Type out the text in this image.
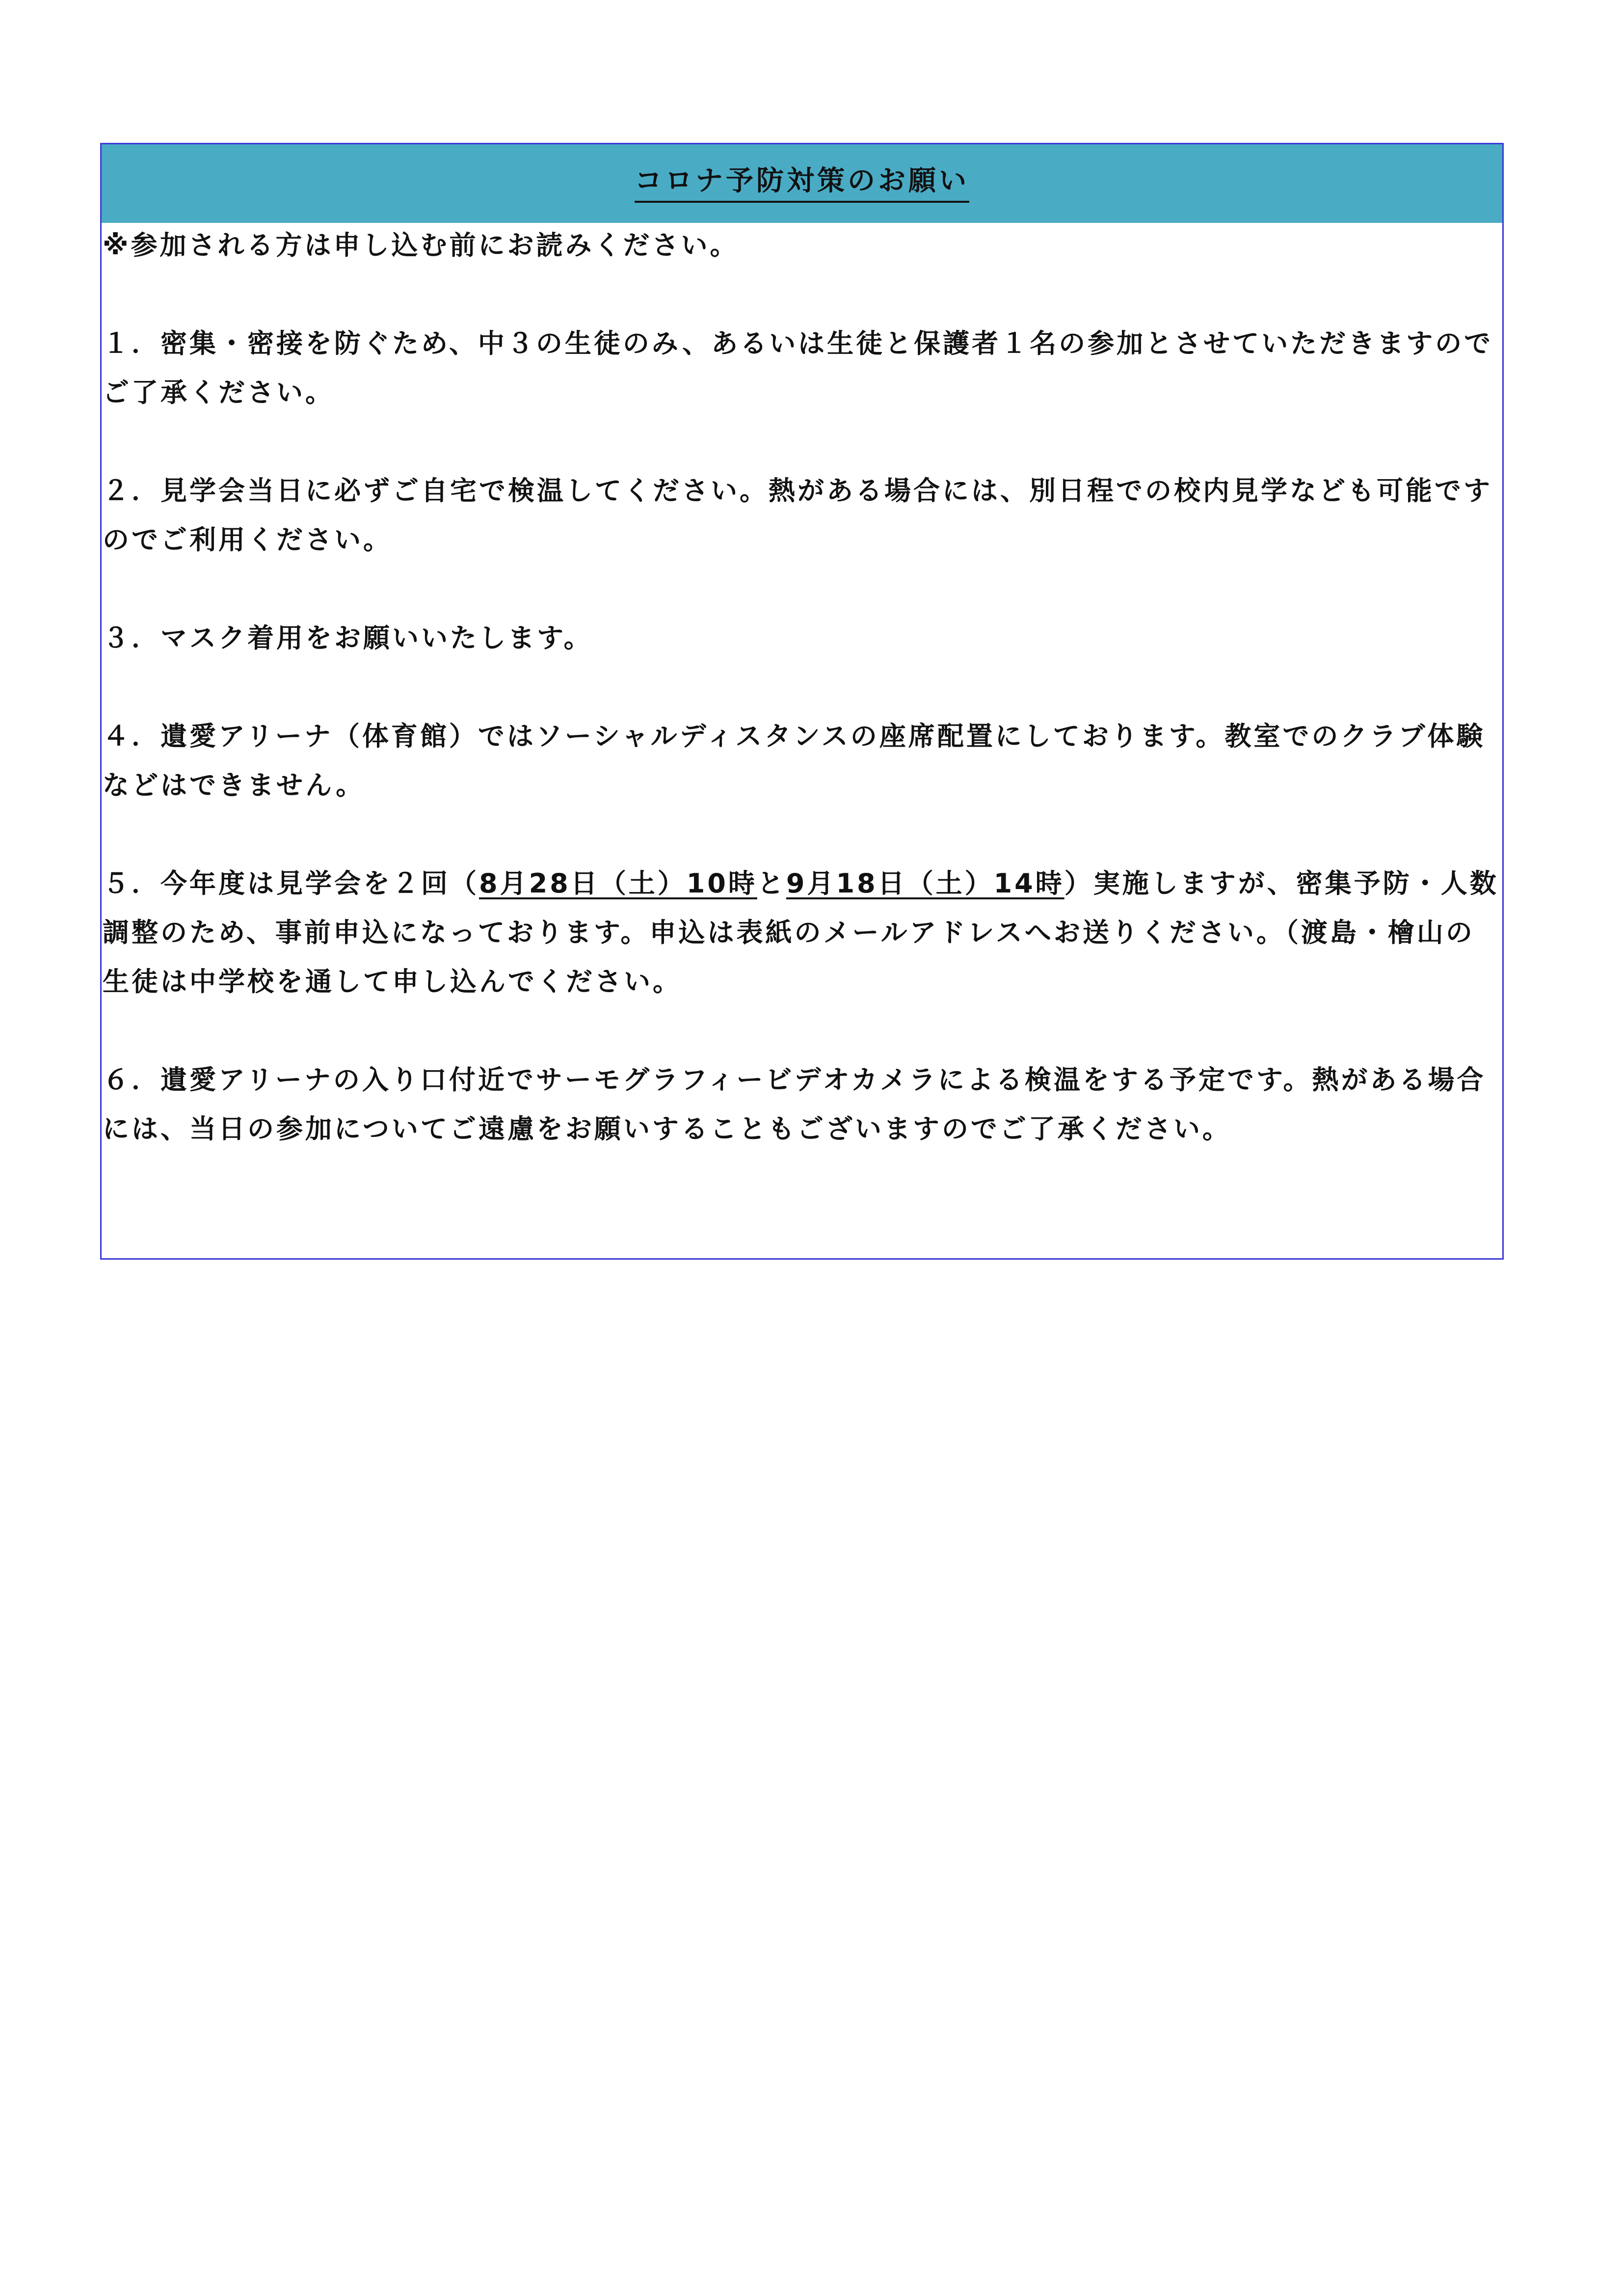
コロナ予防対策のお願い

※参加される方は申し込む前にお読みください。

１．密集・密接を防ぐため、中３の生徒のみ、あるいは生徒と保護者１名の参加とさせていただきますのでご了承ください。

２．見学会当日に必ずご自宅で検温してください。熱がある場合には、別日程での校内見学なども可能ですのでご利用ください。

３．マスク着用をお願いいたします。

４．遺愛アリーナ（体育館）ではソーシャルディスタンスの座席配置にしております。教室でのクラブ体験などはできません。

５．今年度は見学会を２回（8月28日（土）10時と9月18日（土）14時）実施しますが、密集予防・人数調整のため、事前申込になっております。申込は表紙のメールアドレスへお送りください。（渡島・檜山の生徒は中学校を通して申し込んでください。

６．遺愛アリーナの入り口付近でサーモグラフィービデオカメラによる検温をする予定です。熱がある場合には、当日の参加についてご遠慮をお願いすることもございますのでご了承ください。
